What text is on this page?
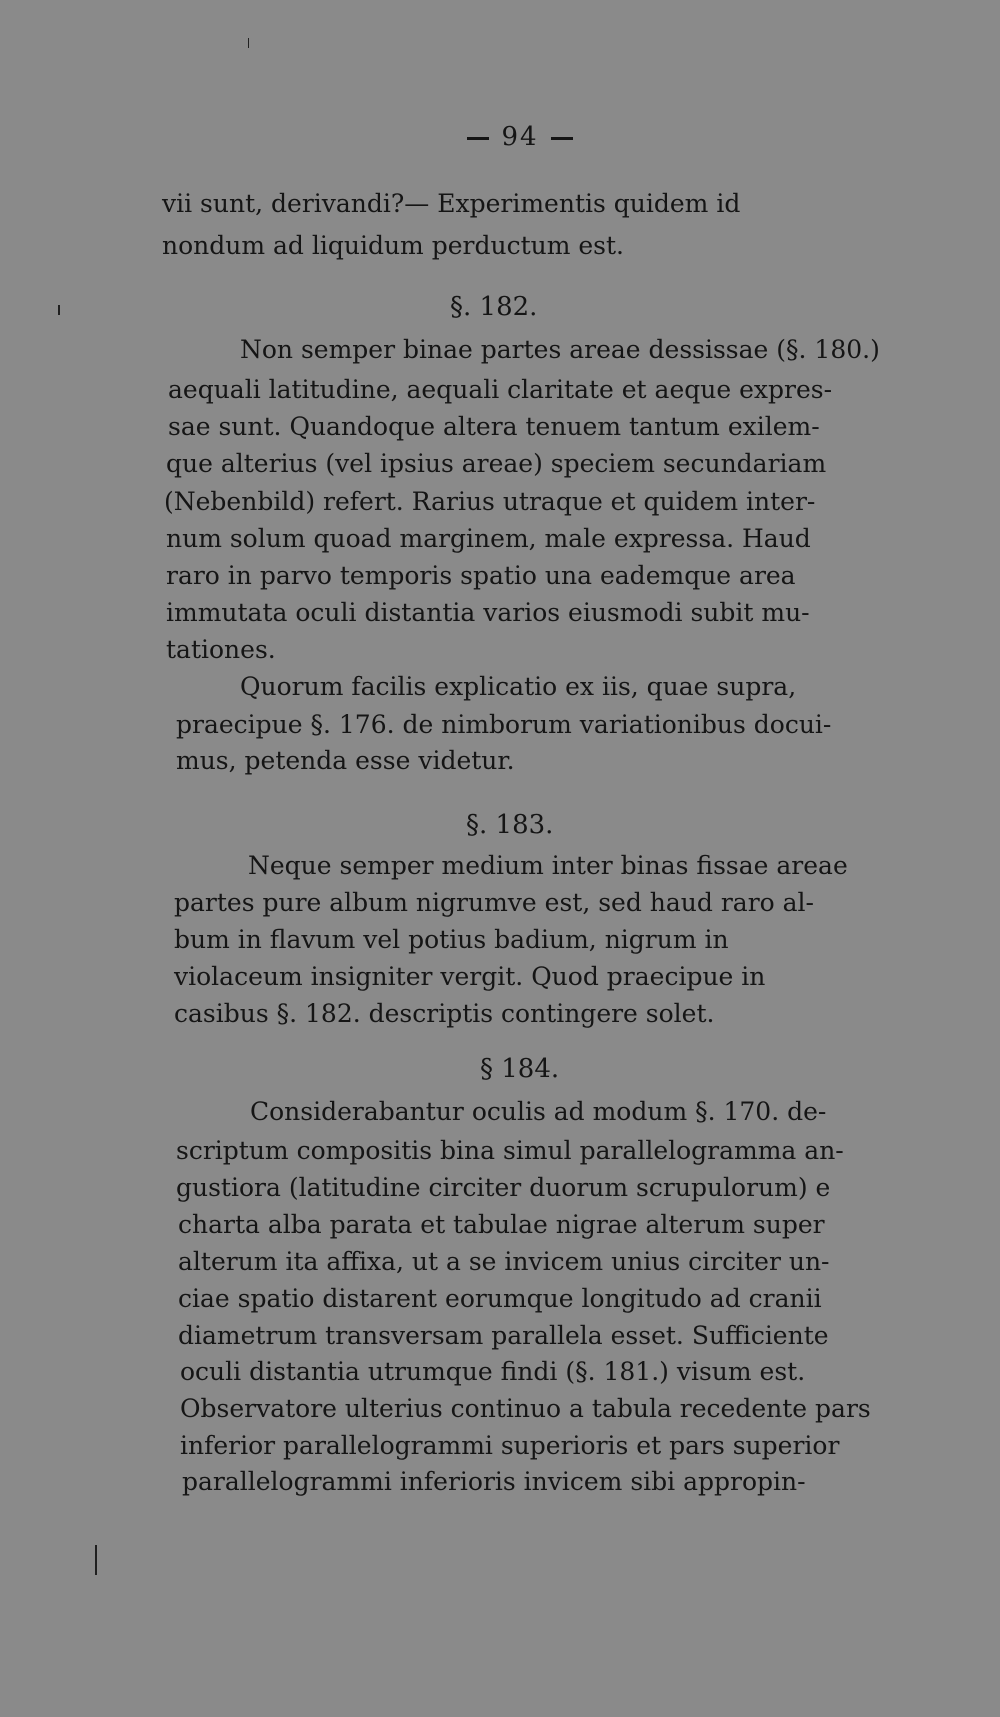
94
vii sunt, derivandi?— Experimentis quidem id
nondum ad liquidum perductum est.
§. 182.
Non semper binae partes areae dessissae (§. 180.)
aequali latitudine, aequali claritate et aeque expres-
sae sunt. Quandoque altera tenuem tantum exilem-
que alterius (vel ipsius areae) speciem secundariam
(Nebenbild) refert. Rarius utraque et quidem inter-
num solum quoad marginem, male expressa. Haud
raro in parvo temporis spatio una eademque area
immutata oculi distantia varios eiusmodi subit mu-
tationes.
Quorum facilis explicatio ex iis, quae supra,
praecipue §. 176. de nimborum variationibus docui-
mus, petenda esse videtur.
§. 183.
Neque semper medium inter binas fissae areae
partes pure album nigrumve est, sed haud raro al-
bum in flavum vel potius badium, nigrum in
violaceum insigniter vergit. Quod praecipue in
casibus §. 182. descriptis contingere solet.
§ 184.
Considerabantur oculis ad modum §. 170. de-
scriptum compositis bina simul parallelogramma an-
gustiora (latitudine circiter duorum scrupulorum) e
charta alba parata et tabulae nigrae alterum super
alterum ita affixa, ut a se invicem unius circiter un-
ciae spatio distarent eorumque longitudo ad cranii
diametrum transversam parallela esset. Sufficiente
oculi distantia utrumque findi (§. 181.) visum est.
Observatore ulterius continuo a tabula recedente pars
inferior parallelogrammi superioris et pars superior
parallelogrammi inferioris invicem sibi appropin-
